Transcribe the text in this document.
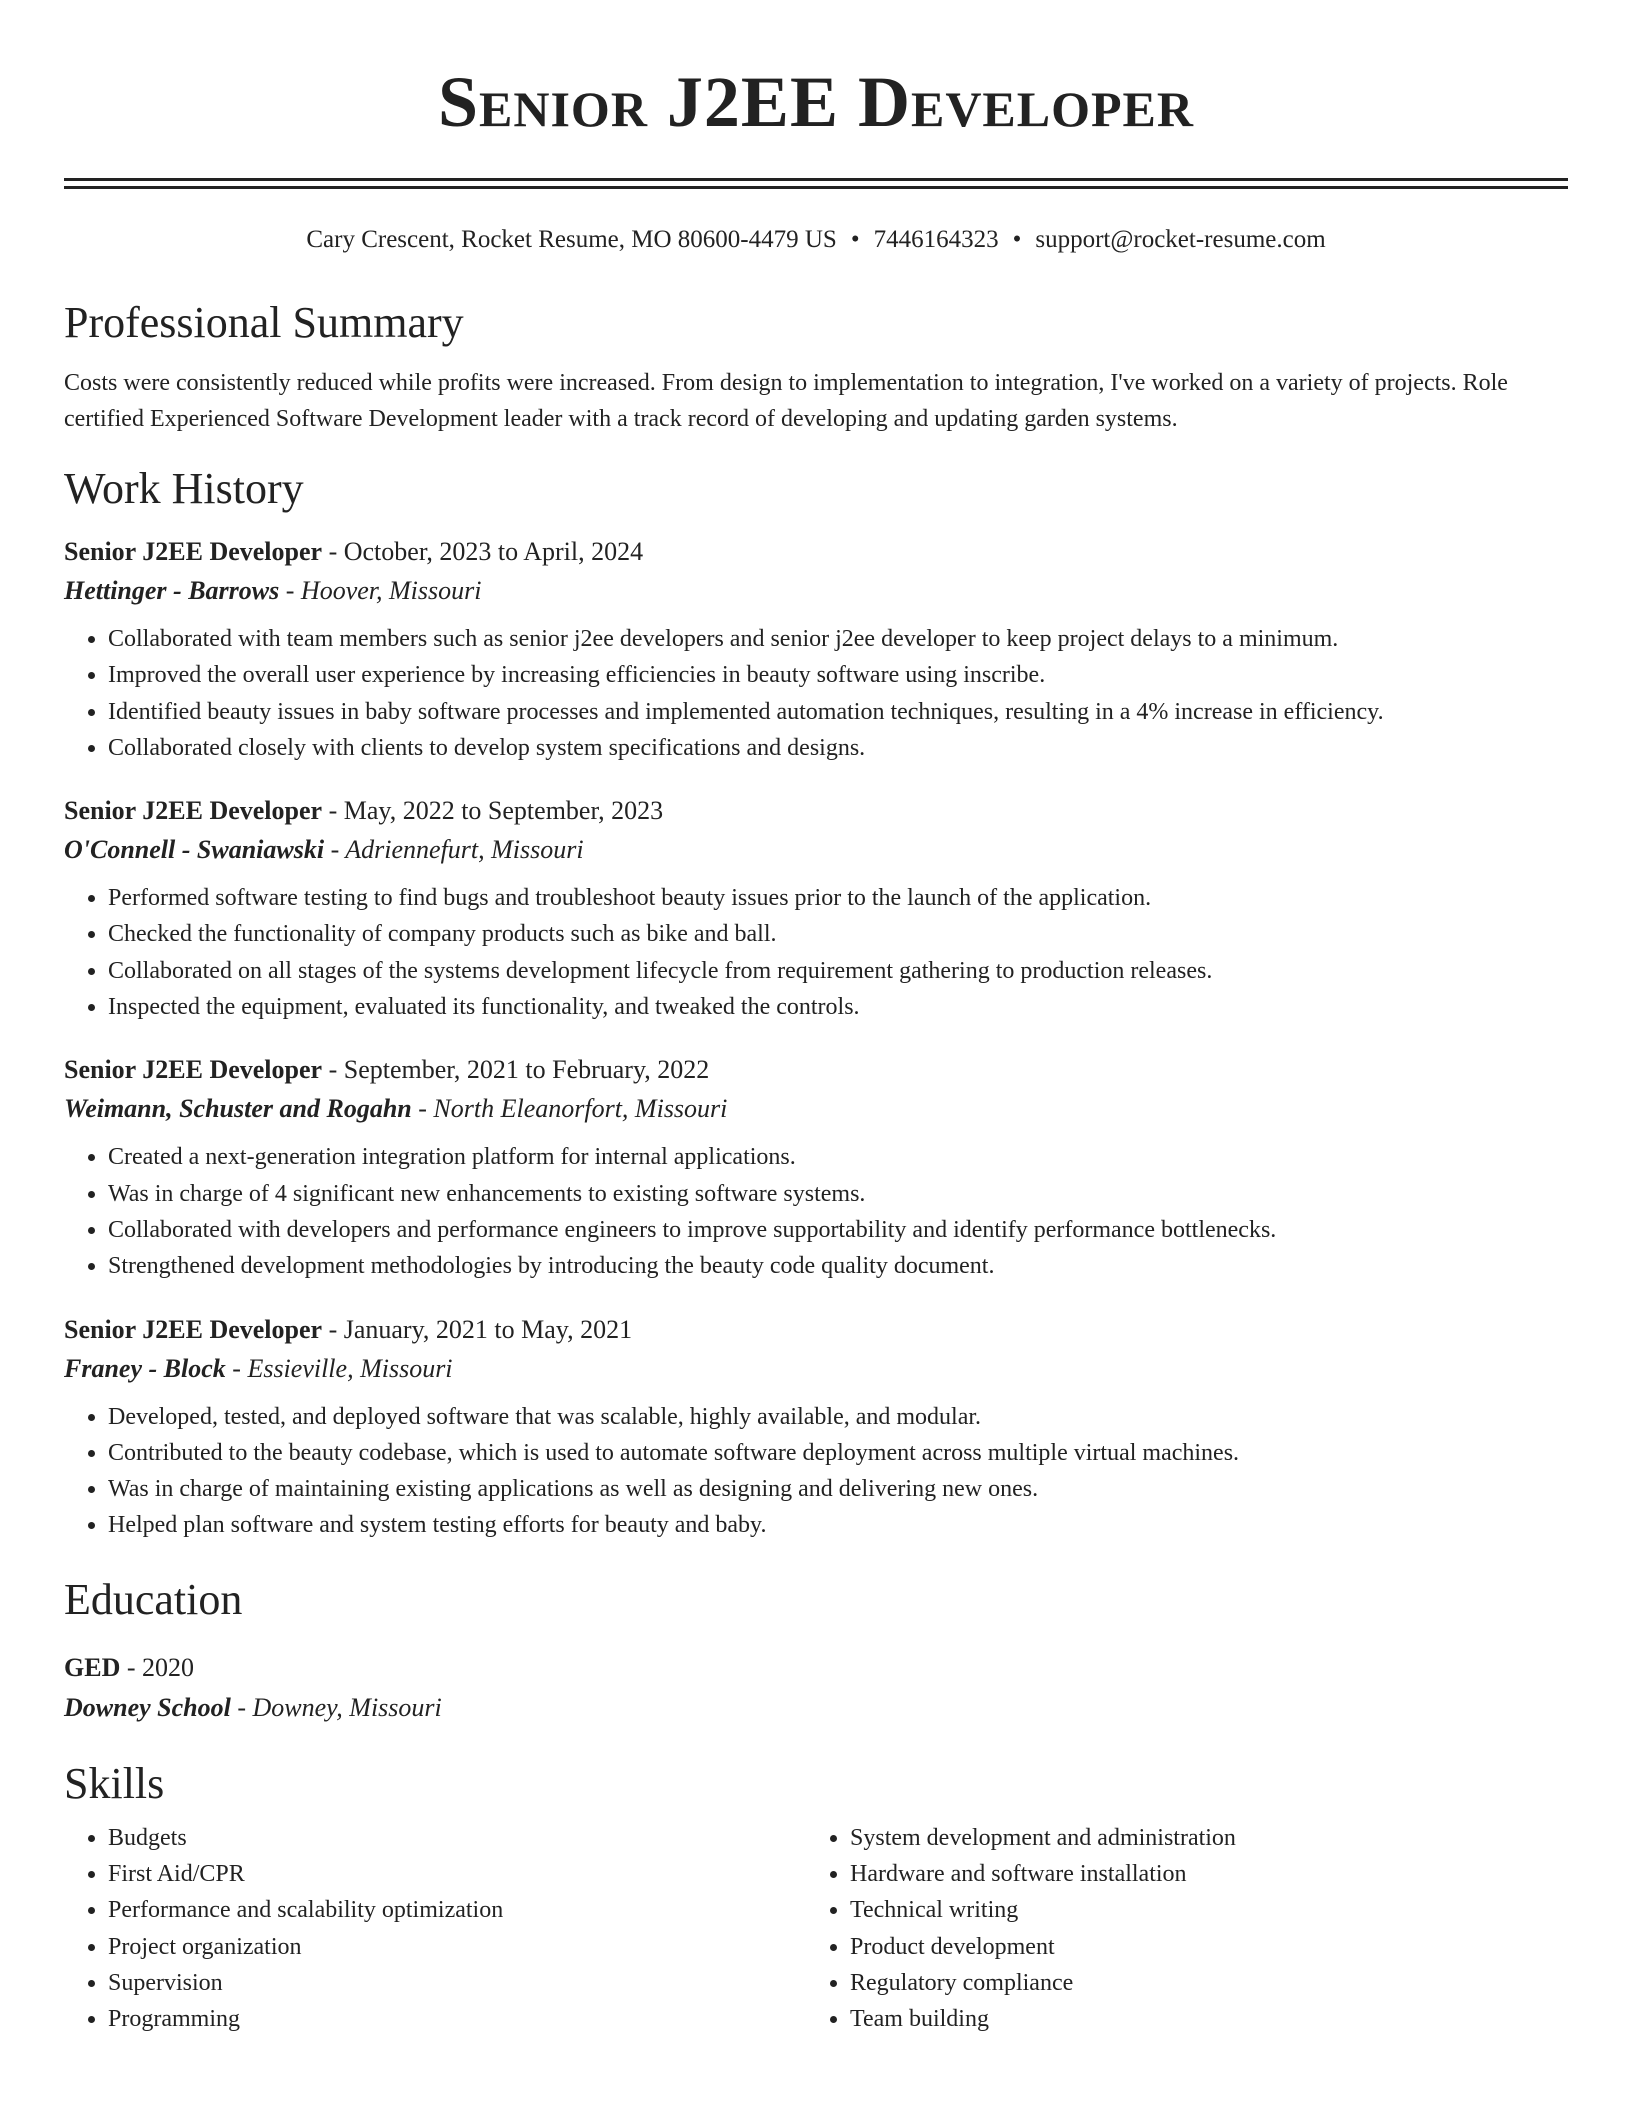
Senior J2EE Developer
Cary Crescent, Rocket Resume, MO 80600-4479 US • 7446164323 • support@rocket-resume.com
Professional Summary
Costs were consistently reduced while profits were increased. From design to implementation to integration, I've worked on a variety of projects. Role certified Experienced Software Development leader with a track record of developing and updating garden systems.
Work History
Senior J2EE Developer - October, 2023 to April, 2024
Hettinger - Barrows - Hoover, Missouri
• Collaborated with team members such as senior j2ee developers and senior j2ee developer to keep project delays to a minimum.
• Improved the overall user experience by increasing efficiencies in beauty software using inscribe.
• Identified beauty issues in baby software processes and implemented automation techniques, resulting in a 4% increase in efficiency.
• Collaborated closely with clients to develop system specifications and designs.
Senior J2EE Developer - May, 2022 to September, 2023
O'Connell - Swaniawski - Adriennefurt, Missouri
• Performed software testing to find bugs and troubleshoot beauty issues prior to the launch of the application.
• Checked the functionality of company products such as bike and ball.
• Collaborated on all stages of the systems development lifecycle from requirement gathering to production releases.
• Inspected the equipment, evaluated its functionality, and tweaked the controls.
Senior J2EE Developer - September, 2021 to February, 2022
Weimann, Schuster and Rogahn - North Eleanorfort, Missouri
• Created a next-generation integration platform for internal applications.
• Was in charge of 4 significant new enhancements to existing software systems.
• Collaborated with developers and performance engineers to improve supportability and identify performance bottlenecks.
• Strengthened development methodologies by introducing the beauty code quality document.
Senior J2EE Developer - January, 2021 to May, 2021
Franey - Block - Essieville, Missouri
• Developed, tested, and deployed software that was scalable, highly available, and modular.
• Contributed to the beauty codebase, which is used to automate software deployment across multiple virtual machines.
• Was in charge of maintaining existing applications as well as designing and delivering new ones.
• Helped plan software and system testing efforts for beauty and baby.
Education
GED - 2020
Downey School - Downey, Missouri
Skills
• Budgets
• First Aid/CPR
• Performance and scalability optimization
• Project organization
• Supervision
• Programming
• System development and administration
• Hardware and software installation
• Technical writing
• Product development
• Regulatory compliance
• Team building
